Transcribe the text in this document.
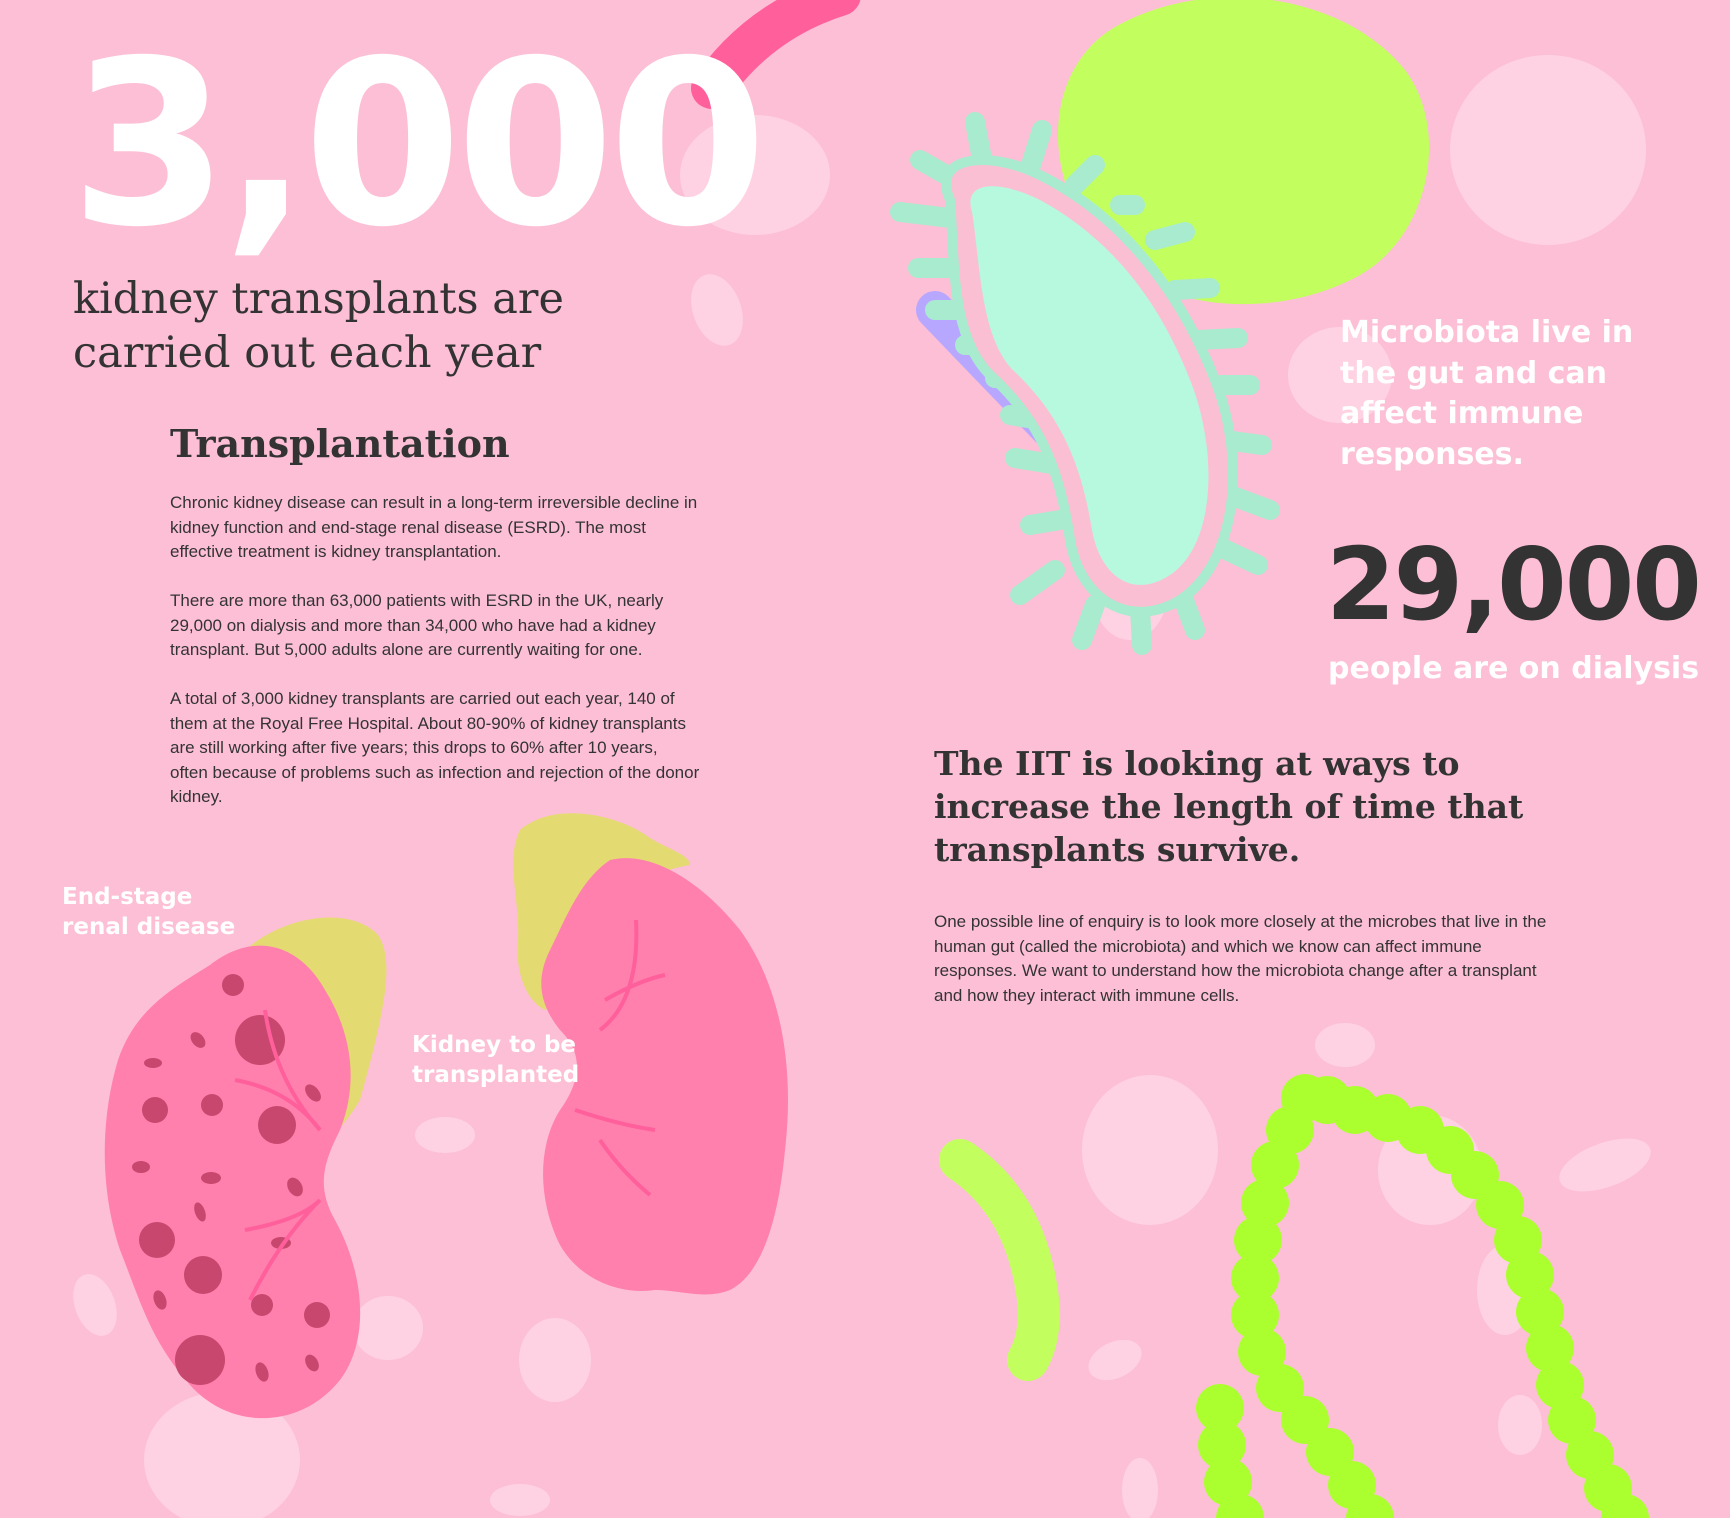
3,000
kidney transplants are carried out each year
Transplantation

Chronic kidney disease can result in a long-term irreversible decline in kidney function and end-stage renal disease (ESRD). The most effective treatment is kidney transplantation.

There are more than 63,000 patients with ESRD in the UK, nearly 29,000 on dialysis and more than 34,000 who have had a kidney transplant. But 5,000 adults alone are currently waiting for one.

A total of 3,000 kidney transplants are carried out each year, 140 of them at the Royal Free Hospital. About 80-90% of kidney transplants are still working after five years; this drops to 60% after 10 years, often because of problems such as infection and rejection of the donor kidney.

Microbiota live in the gut and can affect immune responses.
29,000
people are on dialysis
The IIT is looking at ways to increase the length of time that transplants survive.

One possible line of enquiry is to look more closely at the microbes that live in the human gut (called the microbiota) and which we know can affect immune responses. We want to understand how the microbiota change after a transplant and how they interact with immune cells.

End-stage renal disease
Kidney to be transplanted
